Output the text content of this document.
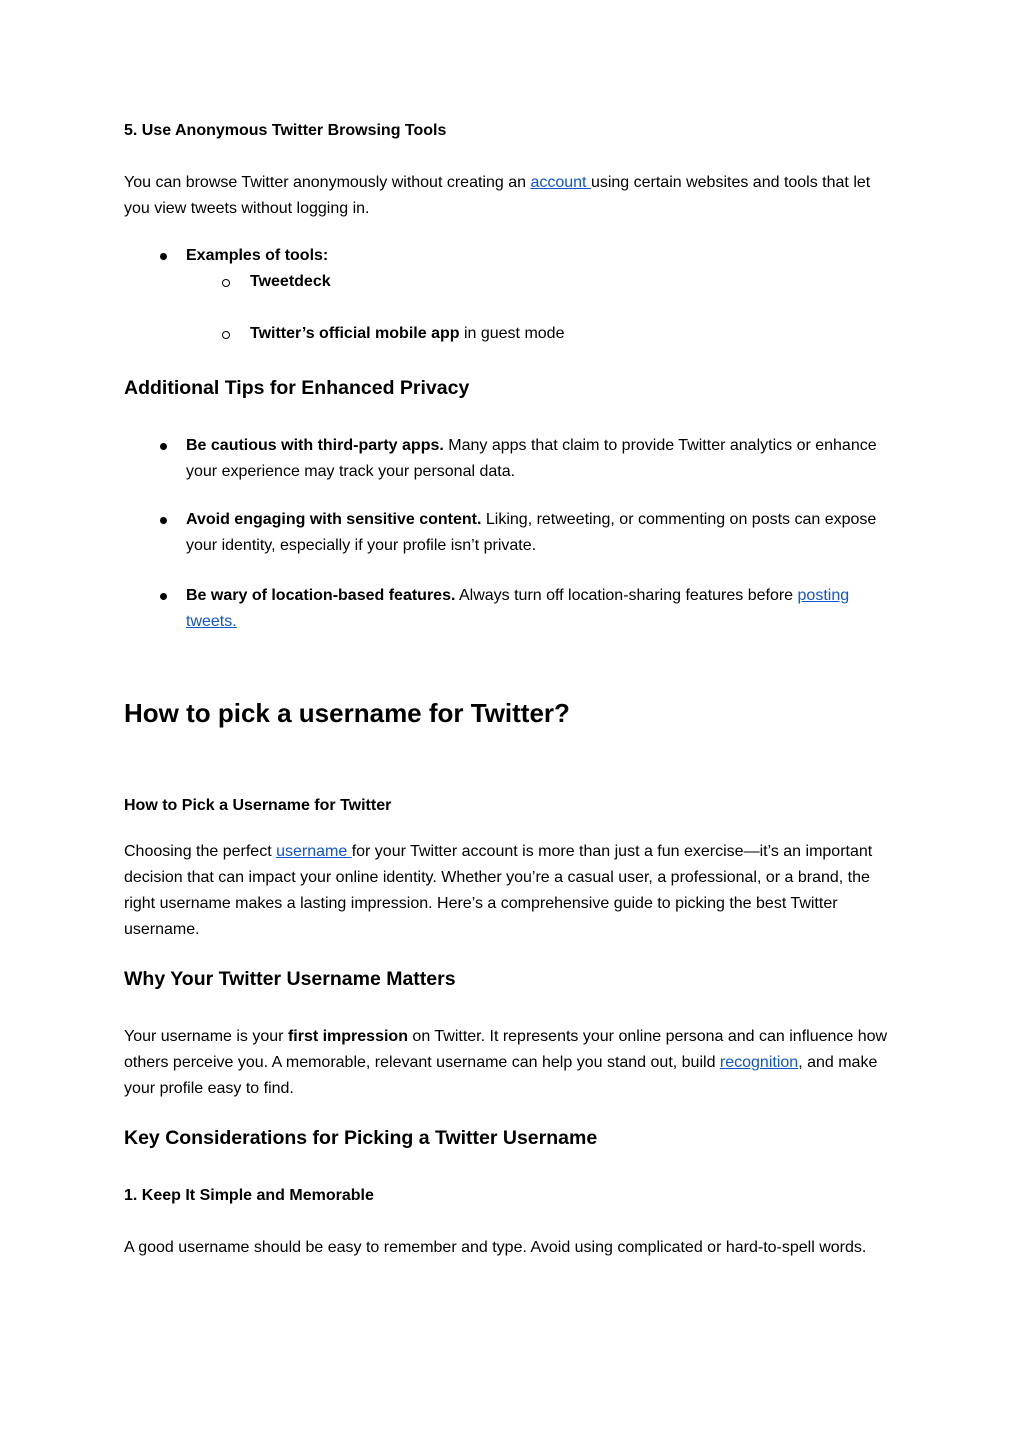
5. Use Anonymous Twitter Browsing Tools

You can browse Twitter anonymously without creating an account using certain websites and tools that let you view tweets without logging in.

Examples of tools:
Tweetdeck
Twitter’s official mobile app in guest mode
Additional Tips for Enhanced Privacy
Be cautious with third-party apps. Many apps that claim to provide Twitter analytics or enhance your experience may track your personal data.
Avoid engaging with sensitive content. Liking, retweeting, or commenting on posts can expose your identity, especially if your profile isn’t private.
Be wary of location-based features. Always turn off location-sharing features before posting tweets.
How to pick a username for Twitter?
How to Pick a Username for Twitter

Choosing the perfect username for your Twitter account is more than just a fun exercise—it’s an important decision that can impact your online identity. Whether you’re a casual user, a professional, or a brand, the right username makes a lasting impression. Here’s a comprehensive guide to picking the best Twitter username.

Why Your Twitter Username Matters

Your username is your first impression on Twitter. It represents your online persona and can influence how others perceive you. A memorable, relevant username can help you stand out, build recognition, and make your profile easy to find.

Key Considerations for Picking a Twitter Username
1. Keep It Simple and Memorable

A good username should be easy to remember and type. Avoid using complicated or hard-to-spell words.
